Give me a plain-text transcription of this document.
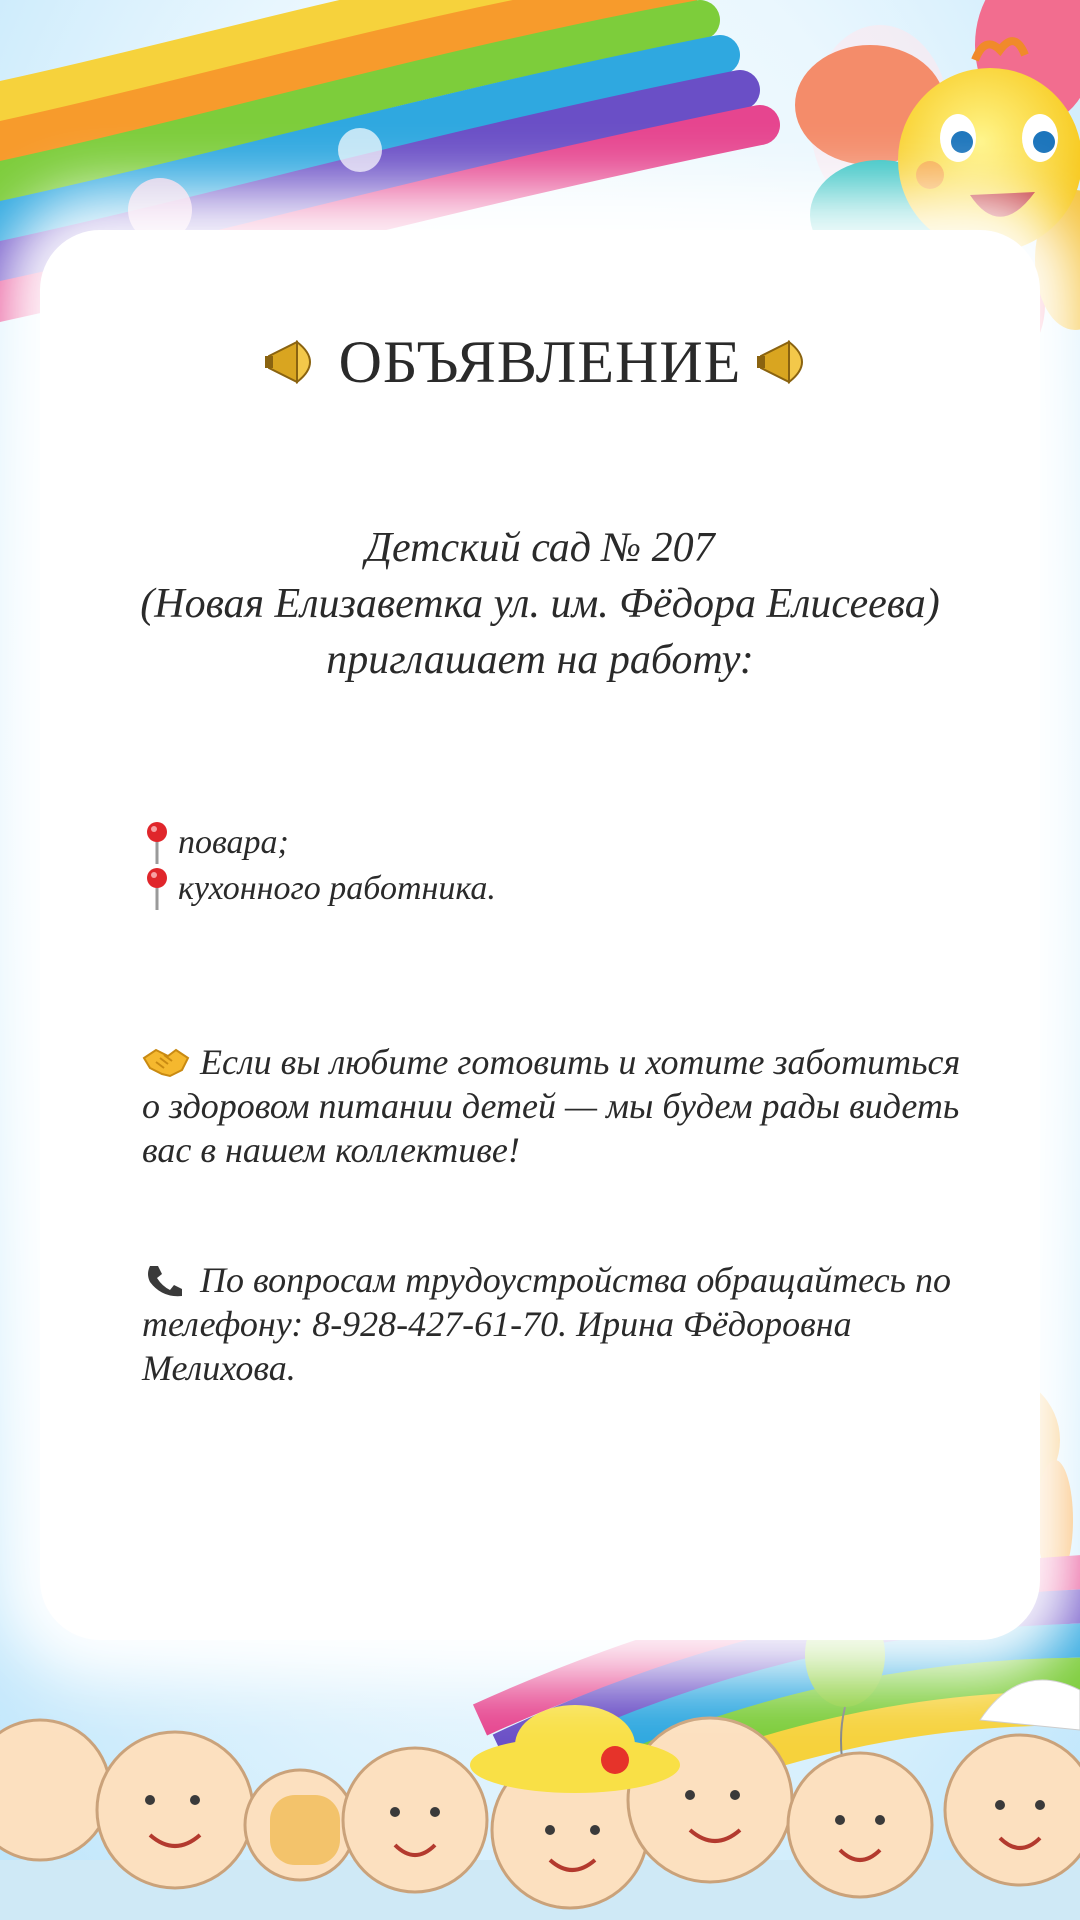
ОБЪЯВЛЕНИЕ
Детский сад № 207
(Новая Елизаветка ул. им. Фёдора Елисеева)
приглашает на работу:
повара;
кухонного работника.
Если вы любите готовить и хотите заботиться о здоровом питании детей — мы будем рады видеть вас в нашем коллективе!
По вопросам трудоустройства обращайтесь по телефону: 8-928-427-61-70. Ирина Фёдоровна Мелихова.
